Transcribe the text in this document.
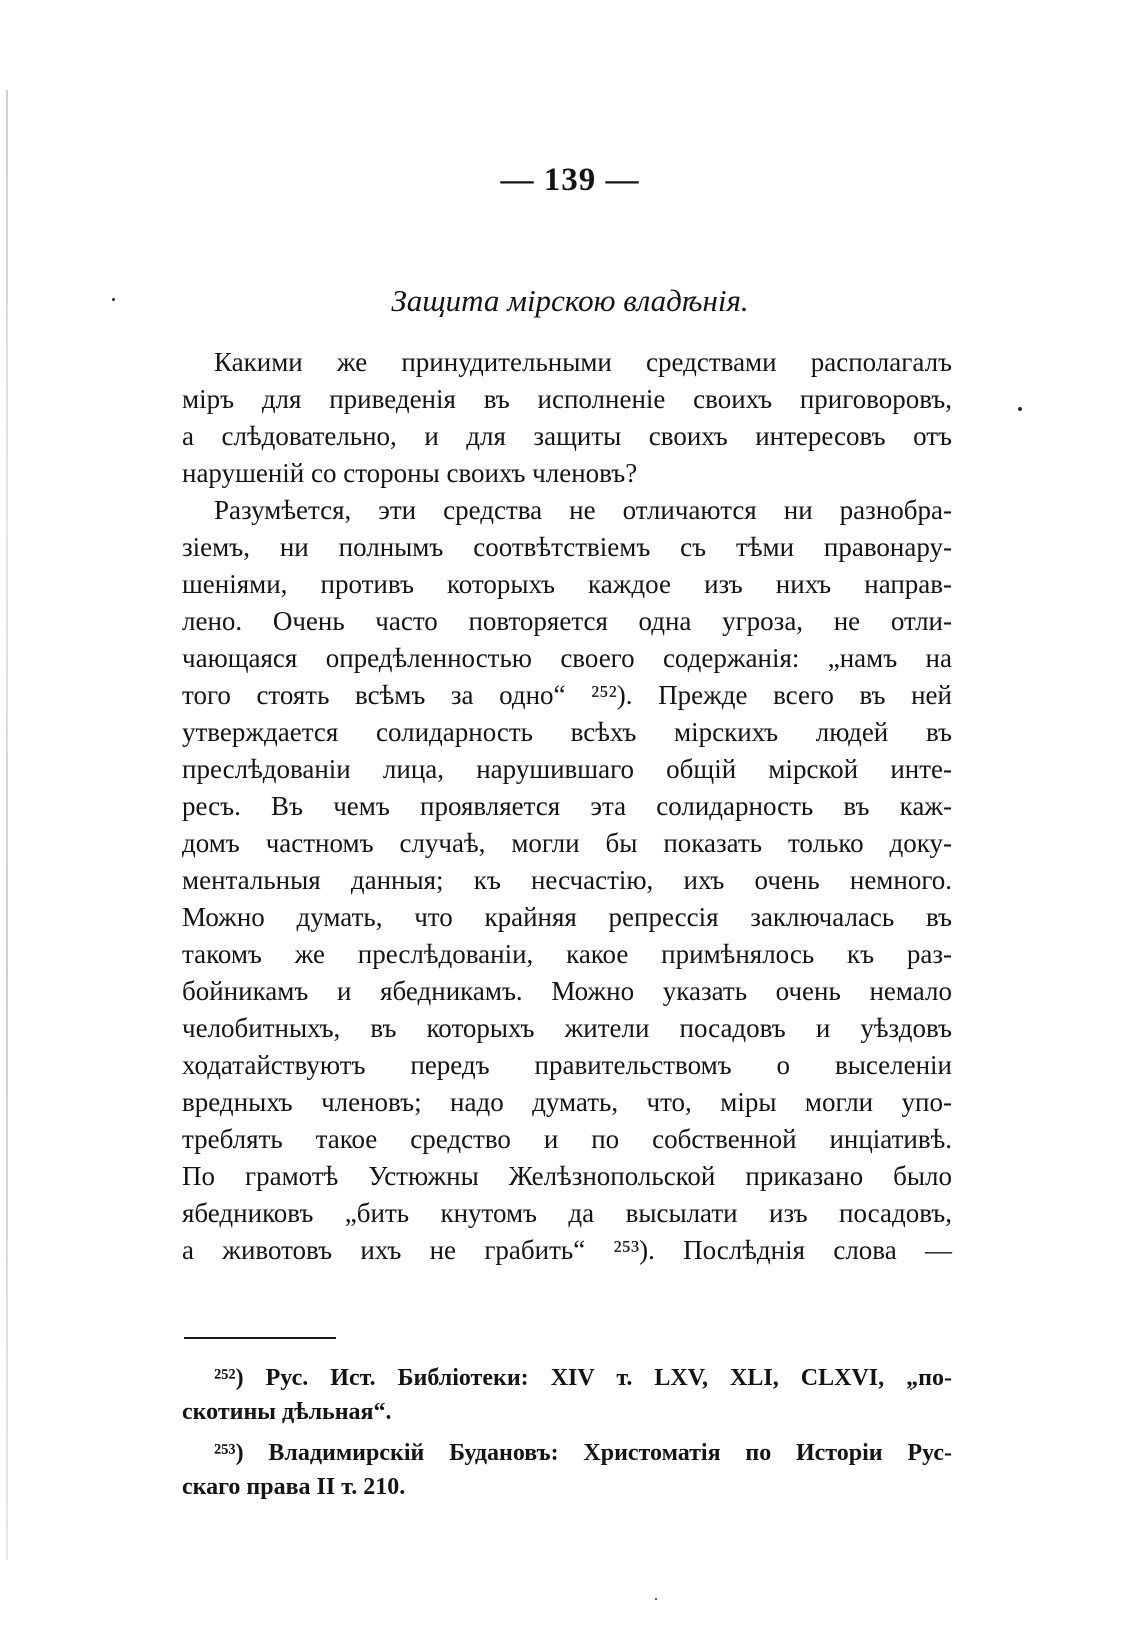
— 139 —
Защита мірскою владѣнія.
Какими же принудительными средствами располагалъ
міръ для приведенія въ исполненіе своихъ приговоровъ,
а слѣдовательно, и для защиты своихъ интересовъ отъ
нарушеній со стороны своихъ членовъ?
Разумѣется, эти средства не отличаются ни разнобра-
зіемъ, ни полнымъ соотвѣтствіемъ съ тѣми правонару-
шеніями, противъ которыхъ каждое изъ нихъ направ-
лено. Очень часто повторяется одна угроза, не отли-
чающаяся опредѣленностью своего содержанія: „намъ на
того стоять всѣмъ за одно“ ²⁵²). Прежде всего въ ней
утверждается солидарность всѣхъ мірскихъ людей въ
преслѣдованіи лица, нарушившаго общій мірской инте-
ресъ. Въ чемъ проявляется эта солидарность въ каж-
домъ частномъ случаѣ, могли бы показать только доку-
ментальныя данныя; къ несчастію, ихъ очень немного.
Можно думать, что крайняя репрессія заключалась въ
такомъ же преслѣдованіи, какое примѣнялось къ раз-
бойникамъ и ябедникамъ. Можно указать очень немало
челобитныхъ, въ которыхъ жители посадовъ и уѣздовъ
ходатайствуютъ передъ правительствомъ о выселеніи
вредныхъ членовъ; надо думать, что, міры могли упо-
треблять такое средство и по собственной инціативѣ.
По грамотѣ Устюжны Желѣзнопольской приказано было
ябедниковъ „бить кнутомъ да высылати изъ посадовъ,
а животовъ ихъ не грабить“ ²⁵³). Послѣднія слова —
²⁵²) Рус. Ист. Библіотеки: XIV т. LXV, XLI, CLXVI, „по-
скотины дѣльная“.
²⁵³) Владимирскій Будановъ: Христоматія по Исторіи Рус-
скаго права II т. 210.
